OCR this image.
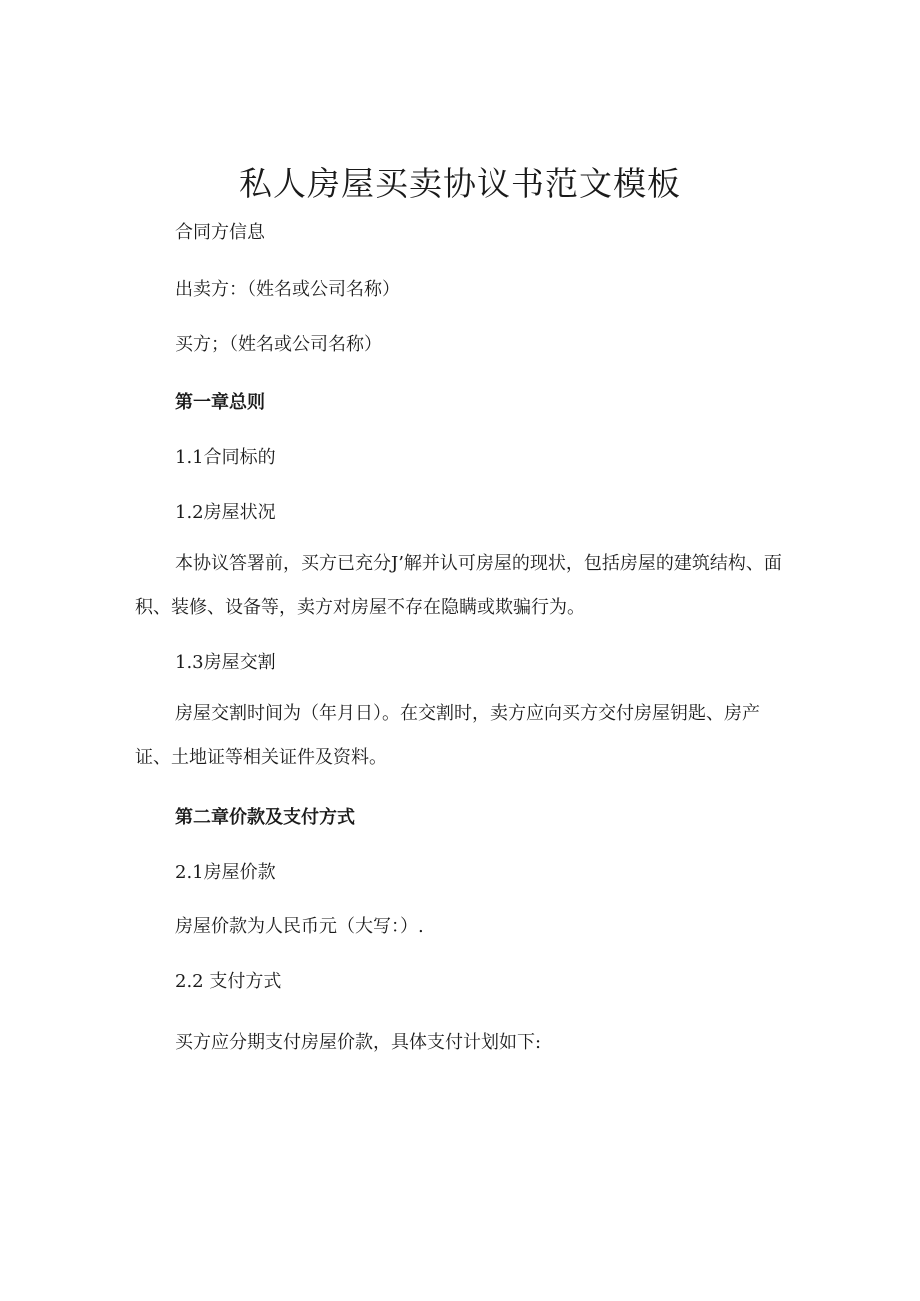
私人房屋买卖协议书范文模板

合同方信息

出卖方：（姓名或公司名称）

买方；（姓名或公司名称）

第一章总则

1.1合同标的

1.2房屋状况

本协议答署前，买方已充分J’解并认可房屋的现状，包括房屋的建筑结构、面积、装修、设备等，卖方对房屋不存在隐瞒或欺骗行为。

1.3房屋交割

房屋交割时间为（年月日）。在交割时，卖方应向买方交付房屋钥匙、房产证、土地证等相关证件及资料。

第二章价款及支付方式

2.1房屋价款

房屋价款为人民币元（大写：）.

2.2 支付方式

买方应分期支付房屋价款，具体支付计划如下:
